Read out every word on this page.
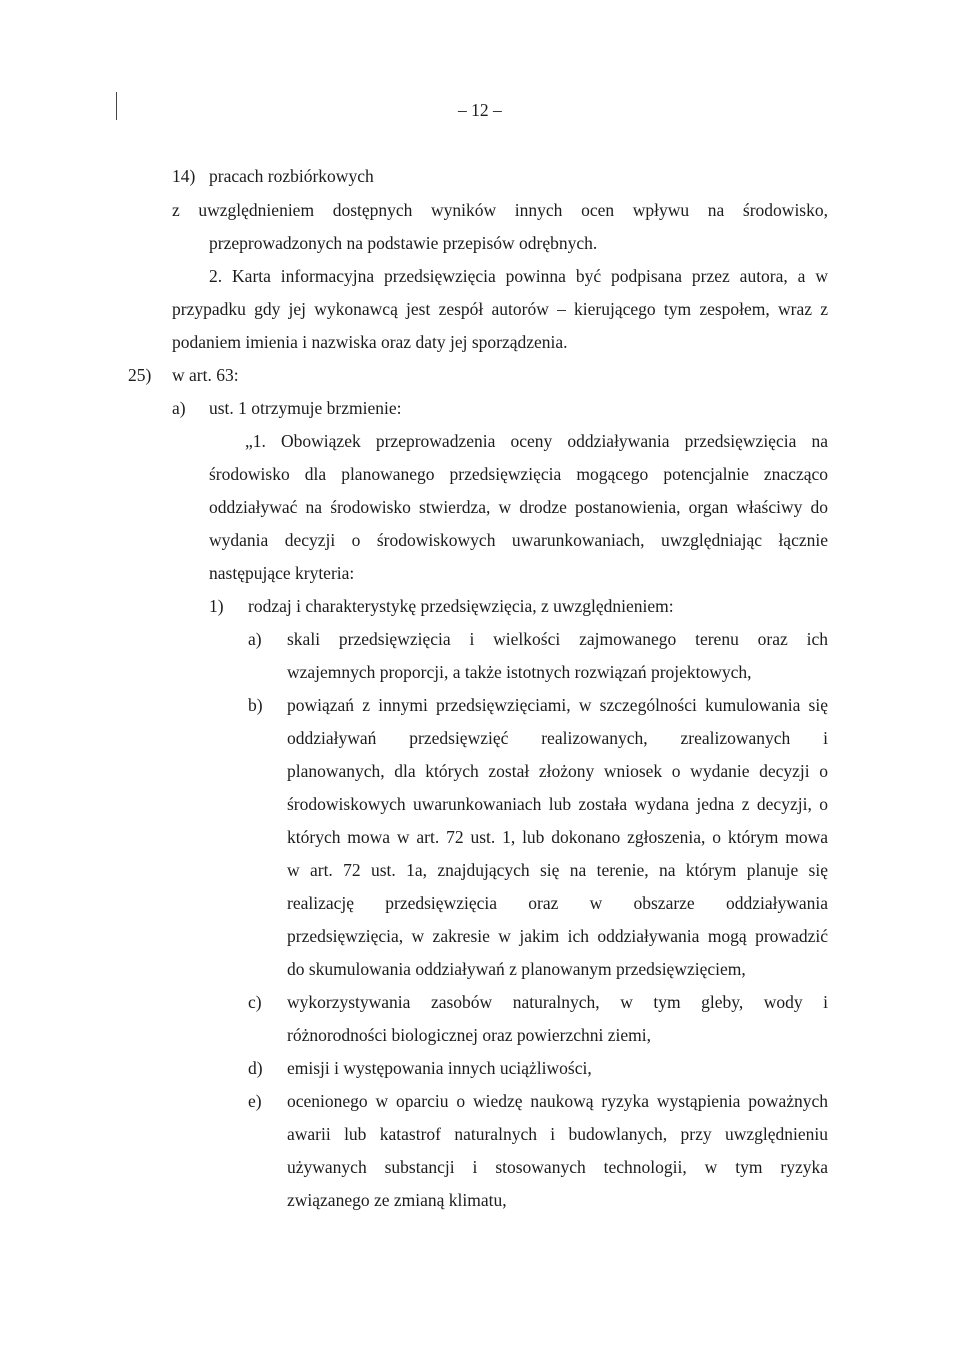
– 12 –
14) pracach rozbiórkowych
z uwzględnieniem dostępnych wyników innych ocen wpływu na środowisko,
przeprowadzonych na podstawie przepisów odrębnych.
2. Karta informacyjna przedsięwzięcia powinna być podpisana przez autora, a w
przypadku gdy jej wykonawcą jest zespół autorów – kierującego tym zespołem, wraz z
podaniem imienia i nazwiska oraz daty jej sporządzenia.
25) w art. 63:
a) ust. 1 otrzymuje brzmienie:
„1. Obowiązek przeprowadzenia oceny oddziaływania przedsięwzięcia na
środowisko dla planowanego przedsięwzięcia mogącego potencjalnie znacząco
oddziaływać na środowisko stwierdza, w drodze postanowienia, organ właściwy do
wydania decyzji o środowiskowych uwarunkowaniach, uwzględniając łącznie
następujące kryteria:
1) rodzaj i charakterystykę przedsięwzięcia, z uwzględnieniem:
a) skali przedsięwzięcia i wielkości zajmowanego terenu oraz ich
wzajemnych proporcji, a także istotnych rozwiązań projektowych,
b) powiązań z innymi przedsięwzięciami, w szczególności kumulowania się
oddziaływań przedsięwzięć realizowanych, zrealizowanych i
planowanych, dla których został złożony wniosek o wydanie decyzji o
środowiskowych uwarunkowaniach lub została wydana jedna z decyzji, o
których mowa w art. 72 ust. 1, lub dokonano zgłoszenia, o którym mowa
w art. 72 ust. 1a, znajdujących się na terenie, na którym planuje się
realizację przedsięwzięcia oraz w obszarze oddziaływania
przedsięwzięcia, w zakresie w jakim ich oddziaływania mogą prowadzić
do skumulowania oddziaływań z planowanym przedsięwzięciem,
c) wykorzystywania zasobów naturalnych, w tym gleby, wody i
różnorodności biologicznej oraz powierzchni ziemi,
d) emisji i występowania innych uciążliwości,
e) ocenionego w oparciu o wiedzę naukową ryzyka wystąpienia poważnych
awarii lub katastrof naturalnych i budowlanych, przy uwzględnieniu
używanych substancji i stosowanych technologii, w tym ryzyka
związanego ze zmianą klimatu,
